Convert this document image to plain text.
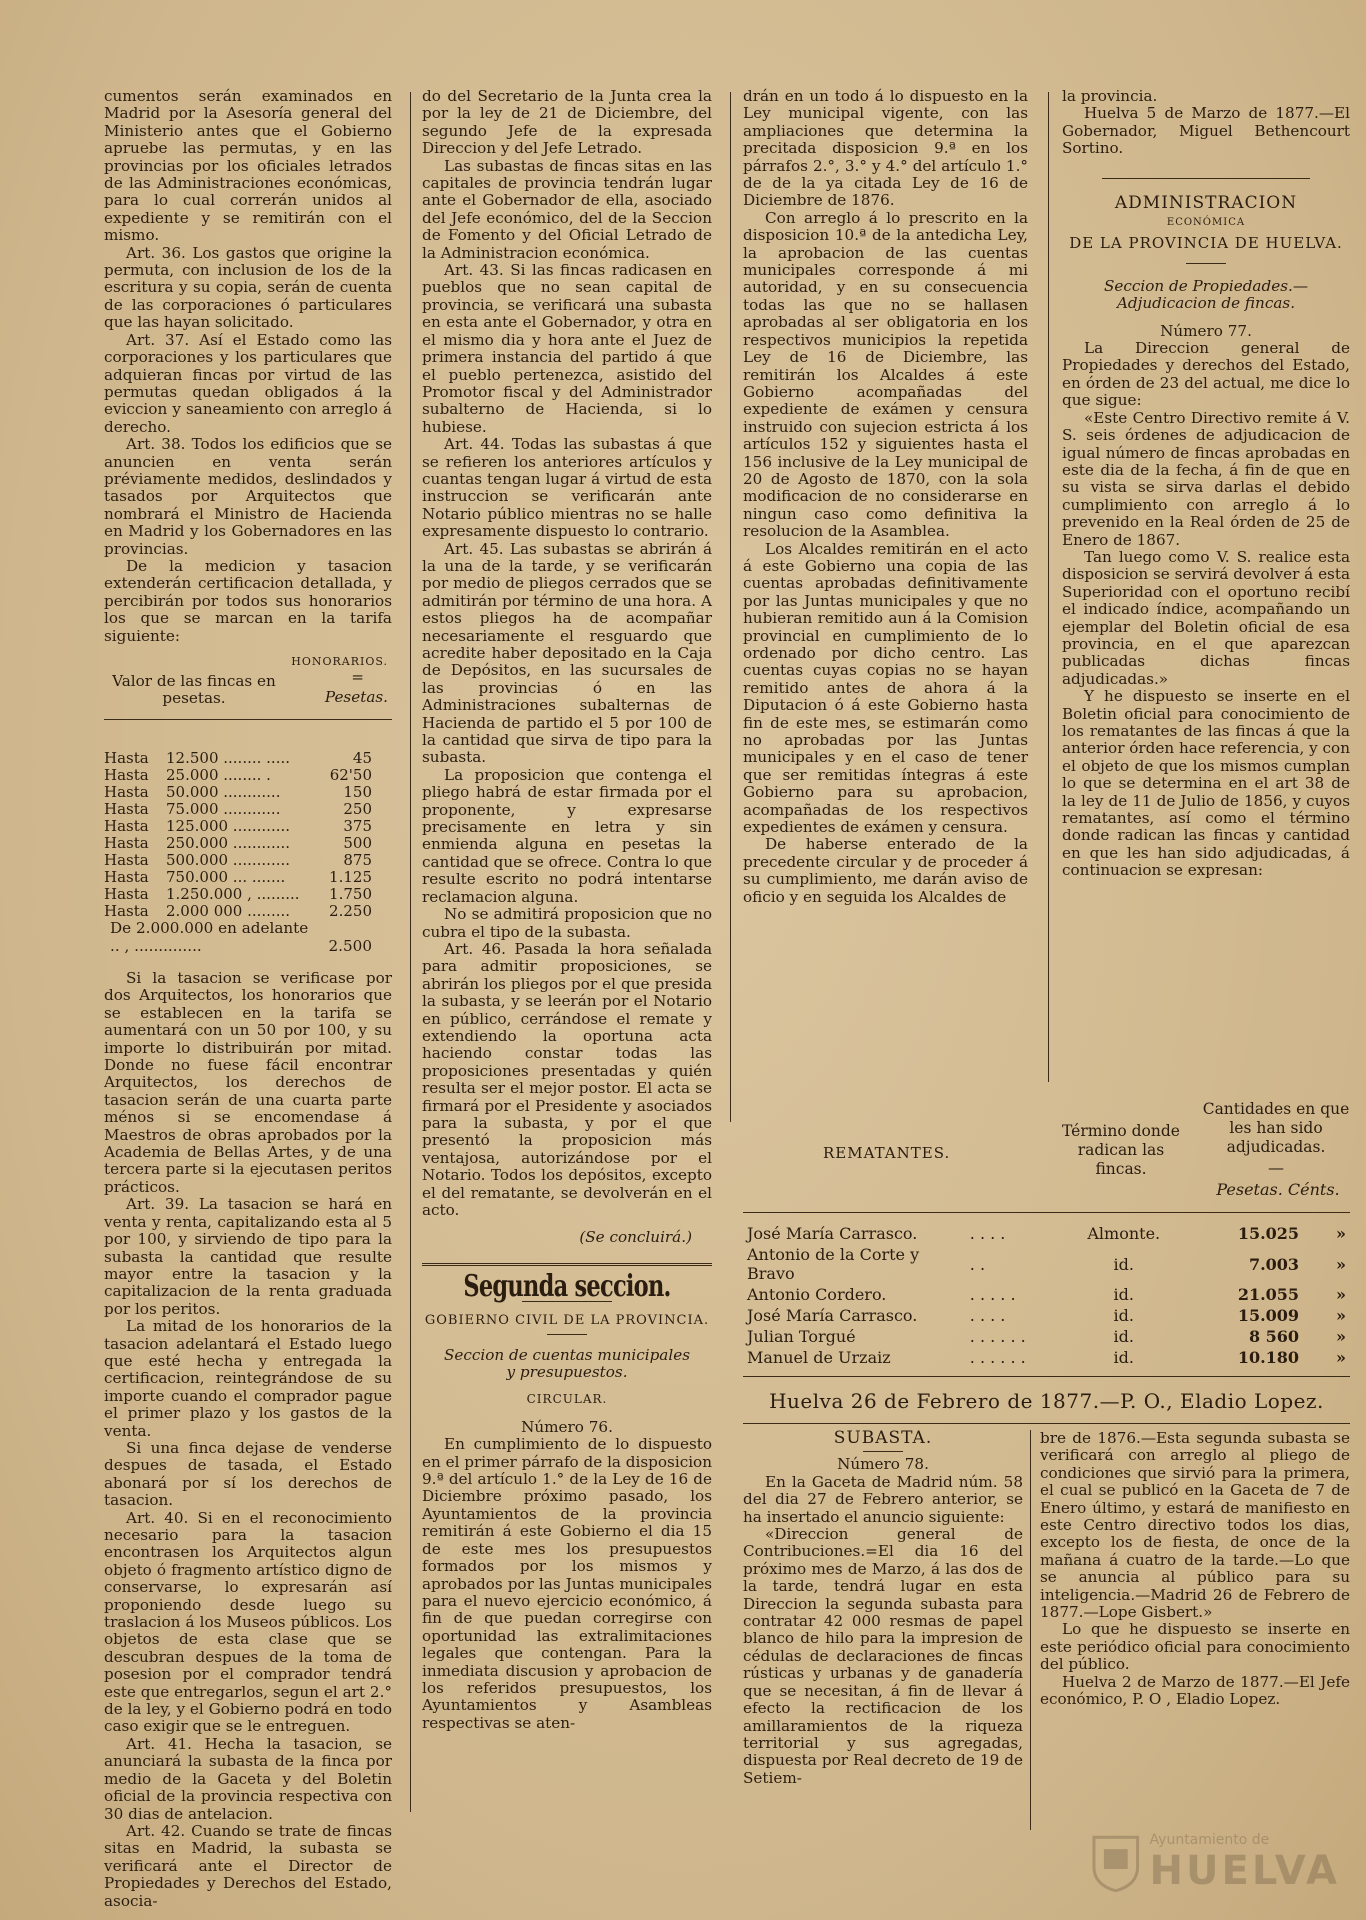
cumentos serán examinados en Madrid por la Asesoría general del Ministerio antes que el Gobierno apruebe las permutas, y en las provincias por los oficiales letrados de las Administraciones económicas, para lo cual correrán unidos al expediente y se remitirán con el mismo.

Art. 36. Los gastos que origine la permuta, con inclusion de los de la escritura y su copia, serán de cuenta de las corporaciones ó particulares que las hayan solicitado.

Art. 37. Así el Estado como las corporaciones y los particulares que adquieran fincas por virtud de las permutas quedan obligados á la eviccion y saneamiento con arreglo á derecho.

Art. 38. Todos los edificios que se anuncien en venta serán préviamente medidos, deslindados y tasados por Arquitectos que nombrará el Ministro de Hacienda en Madrid y los Gobernadores en las provincias.

De la medicion y tasacion extenderán certificacion detallada, y percibirán por todos sus honorarios los que se marcan en la tarifa siguiente:

HONORARIOS.
Valor de las fincas en pesetas.
=
Pesetas.
Hasta	12.500 ........ .....	45
Hasta	25.000 ........ .	62'50
Hasta	50.000 ............	150
Hasta	75.000 ............	250
Hasta	125.000 ............	375
Hasta	250.000 ............	500
Hasta	500.000 ............	875
Hasta	750.000 ... .......	1.125
Hasta	1.250.000 , .........	1.750
Hasta	2.000 000 .........	2.250
De 2.000.000 en adelante
.. , ..............	2.500

Si la tasacion se verificase por dos Arquitectos, los honorarios que se establecen en la tarifa se aumentará con un 50 por 100, y su importe lo distribuirán por mitad. Donde no fuese fácil encontrar Arquitectos, los derechos de tasacion serán de una cuarta parte ménos si se encomendase á Maestros de obras aprobados por la Academia de Bellas Artes, y de una tercera parte si la ejecutasen peritos prácticos.

Art. 39. La tasacion se hará en venta y renta, capitalizando esta al 5 por 100, y sirviendo de tipo para la subasta la cantidad que resulte mayor entre la tasacion y la capitalizacion de la renta graduada por los peritos.

La mitad de los honorarios de la tasacion adelantará el Estado luego que esté hecha y entregada la certificacion, reintegrándose de su importe cuando el comprador pague el primer plazo y los gastos de la venta.

Si una finca dejase de venderse despues de tasada, el Estado abonará por sí los derechos de tasacion.

Art. 40. Si en el reconocimiento necesario para la tasacion encontrasen los Arquitectos algun objeto ó fragmento artístico digno de conservarse, lo expresarán así proponiendo desde luego su traslacion á los Museos públicos. Los objetos de esta clase que se descubran despues de la toma de posesion por el comprador tendrá este que entregarlos, segun el art 2.° de la ley, y el Gobierno podrá en todo caso exigir que se le entreguen.

Art. 41. Hecha la tasacion, se anunciará la subasta de la finca por medio de la Gaceta y del Boletin oficial de la provincia respectiva con 30 dias de antelacion.

Art. 42. Cuando se trate de fincas sitas en Madrid, la subasta se verificará ante el Director de Propiedades y Derechos del Estado, asocia-

do del Secretario de la Junta crea la por la ley de 21 de Diciembre, del segundo Jefe de la expresada Direccion y del Jefe Letrado.

Las subastas de fincas sitas en las capitales de provincia tendrán lugar ante el Gobernador de ella, asociado del Jefe económico, del de la Seccion de Fomento y del Oficial Letrado de la Administracion económica.

Art. 43. Si las fincas radicasen en pueblos que no sean capital de provincia, se verificará una subasta en esta ante el Gobernador, y otra en el mismo dia y hora ante el Juez de primera instancia del partido á que el pueblo pertenezca, asistido del Promotor fiscal y del Administrador subalterno de Hacienda, si lo hubiese.

Art. 44. Todas las subastas á que se refieren los anteriores artículos y cuantas tengan lugar á virtud de esta instruccion se verificarán ante Notario público mientras no se halle expresamente dispuesto lo contrario.

Art. 45. Las subastas se abrirán á la una de la tarde, y se verificarán por medio de pliegos cerrados que se admitirán por término de una hora. A estos pliegos ha de acompañar necesariamente el resguardo que acredite haber depositado en la Caja de Depósitos, en las sucursales de las provincias ó en las Administraciones subalternas de Hacienda de partido el 5 por 100 de la cantidad que sirva de tipo para la subasta.

La proposicion que contenga el pliego habrá de estar firmada por el proponente, y expresarse precisamente en letra y sin enmienda alguna en pesetas la cantidad que se ofrece. Contra lo que resulte escrito no podrá intentarse reclamacion alguna.

No se admitirá proposicion que no cubra el tipo de la subasta.

Art. 46. Pasada la hora señalada para admitir proposiciones, se abrirán los pliegos por el que presida la subasta, y se leerán por el Notario en público, cerrándose el remate y extendiendo la oportuna acta haciendo constar todas las proposiciones presentadas y quién resulta ser el mejor postor. El acta se firmará por el Presidente y asociados para la subasta, y por el que presentó la proposicion más ventajosa, autorizándose por el Notario. Todos los depósitos, excepto el del rematante, se devolverán en el acto.

(Se concluirá.)

Segunda seccion.

GOBIERNO CIVIL DE LA PROVINCIA.

Seccion de cuentas municipales y presupuestos.

CIRCULAR.

Número 76.

En cumplimiento de lo dispuesto en el primer párrafo de la disposicion 9.ª del artículo 1.° de la Ley de 16 de Diciembre próximo pasado, los Ayuntamientos de la provincia remitirán á este Gobierno el dia 15 de este mes los presupuestos formados por los mismos y aprobados por las Juntas municipales para el nuevo ejercicio económico, á fin de que puedan corregirse con oportunidad las extralimitaciones legales que contengan. Para la inmediata discusion y aprobacion de los referidos presupuestos, los Ayuntamientos y Asambleas respectivas se aten-

drán en un todo á lo dispuesto en la Ley municipal vigente, con las ampliaciones que determina la precitada disposicion 9.ª en los párrafos 2.°, 3.° y 4.° del artículo 1.° de de la ya citada Ley de 16 de Diciembre de 1876.

Con arreglo á lo prescrito en la disposicion 10.ª de la antedicha Ley, la aprobacion de las cuentas municipales corresponde á mi autoridad, y en su consecuencia todas las que no se hallasen aprobadas al ser obligatoria en los respectivos municipios la repetida Ley de 16 de Diciembre, las remitirán los Alcaldes á este Gobierno acompañadas del expediente de exámen y censura instruido con sujecion estricta á los artículos 152 y siguientes hasta el 156 inclusive de la Ley municipal de 20 de Agosto de 1870, con la sola modificacion de no considerarse en ningun caso como definitiva la resolucion de la Asamblea.

Los Alcaldes remitirán en el acto á este Gobierno una copia de las cuentas aprobadas definitivamente por las Juntas municipales y que no hubieran remitido aun á la Comision provincial en cumplimiento de lo ordenado por dicho centro. Las cuentas cuyas copias no se hayan remitido antes de ahora á la Diputacion ó á este Gobierno hasta fin de este mes, se estimarán como no aprobadas por las Juntas municipales y en el caso de tener que ser remitidas íntegras á este Gobierno para su aprobacion, acompañadas de los respectivos expedientes de exámen y censura.

De haberse enterado de la precedente circular y de proceder á su cumplimiento, me darán aviso de oficio y en seguida los Alcaldes de

la provincia.

Huelva 5 de Marzo de 1877.—El Gobernador, Miguel Bethencourt Sortino.

ADMINISTRACION

ECONÓMICA

DE LA PROVINCIA DE HUELVA.

Seccion de Propiedades.—Adjudicacion de fincas.

Número 77.

La Direccion general de Propiedades y derechos del Estado, en órden de 23 del actual, me dice lo que sigue:

«Este Centro Directivo remite á V. S. seis órdenes de adjudicacion de igual número de fincas aprobadas en este dia de la fecha, á fin de que en su vista se sirva darlas el debido cumplimiento con arreglo á lo prevenido en la Real órden de 25 de Enero de 1867.

Tan luego como V. S. realice esta disposicion se servirá devolver á esta Superioridad con el oportuno recibí el indicado índice, acompañando un ejemplar del Boletin oficial de esa provincia, en el que aparezcan publicadas dichas fincas adjudicadas.»

Y he dispuesto se inserte en el Boletin oficial para conocimiento de los rematantes de las fincas á que la anterior órden hace referencia, y con el objeto de que los mismos cumplan lo que se determina en el art 38 de la ley de 11 de Julio de 1856, y cuyos rematantes, así como el término donde radican las fincas y cantidad en que les han sido adjudicadas, á continuacion se expresan:

REMATANTES.
Término donde radican las fincas.
Cantidades en que les han sido adjudicadas.
—
Pesetas. Cénts.
José María Carrasco.	. . . .	Almonte.	15.025	»
Antonio de la Corte y Bravo	. .	id.	7.003	»
Antonio Cordero.	. . . . .	id.	21.055	»
José María Carrasco.	. . . .	id.	15.009	»
Julian Torgué	. . . . . .	id.	8 560	»
Manuel de Urzaiz	. . . . . .	id.	10.180	»
Huelva 26 de Febrero de 1877.—P. O., Eladio Lopez.

SUBASTA.

Número 78.

En la Gaceta de Madrid núm. 58 del dia 27 de Febrero anterior, se ha insertado el anuncio siguiente:

«Direccion general de Contribuciones.=El dia 16 del próximo mes de Marzo, á las dos de la tarde, tendrá lugar en esta Direccion la segunda subasta para contratar 42 000 resmas de papel blanco de hilo para la impresion de cédulas de declaraciones de fincas rústicas y urbanas y de ganadería que se necesitan, á fin de llevar á efecto la rectificacion de los amillaramientos de la riqueza territorial y sus agregadas, dispuesta por Real decreto de 19 de Setiem-

bre de 1876.—Esta segunda subasta se verificará con arreglo al pliego de condiciones que sirvió para la primera, el cual se publicó en la Gaceta de 7 de Enero último, y estará de manifiesto en este Centro directivo todos los dias, excepto los de fiesta, de once de la mañana á cuatro de la tarde.—Lo que se anuncia al público para su inteligencia.—Madrid 26 de Febrero de 1877.—Lope Gisbert.»

Lo que he dispuesto se inserte en este periódico oficial para conocimiento del público.

Huelva 2 de Marzo de 1877.—El Jefe económico, P. O , Eladio Lopez.

Ayuntamiento de
HUELVA
